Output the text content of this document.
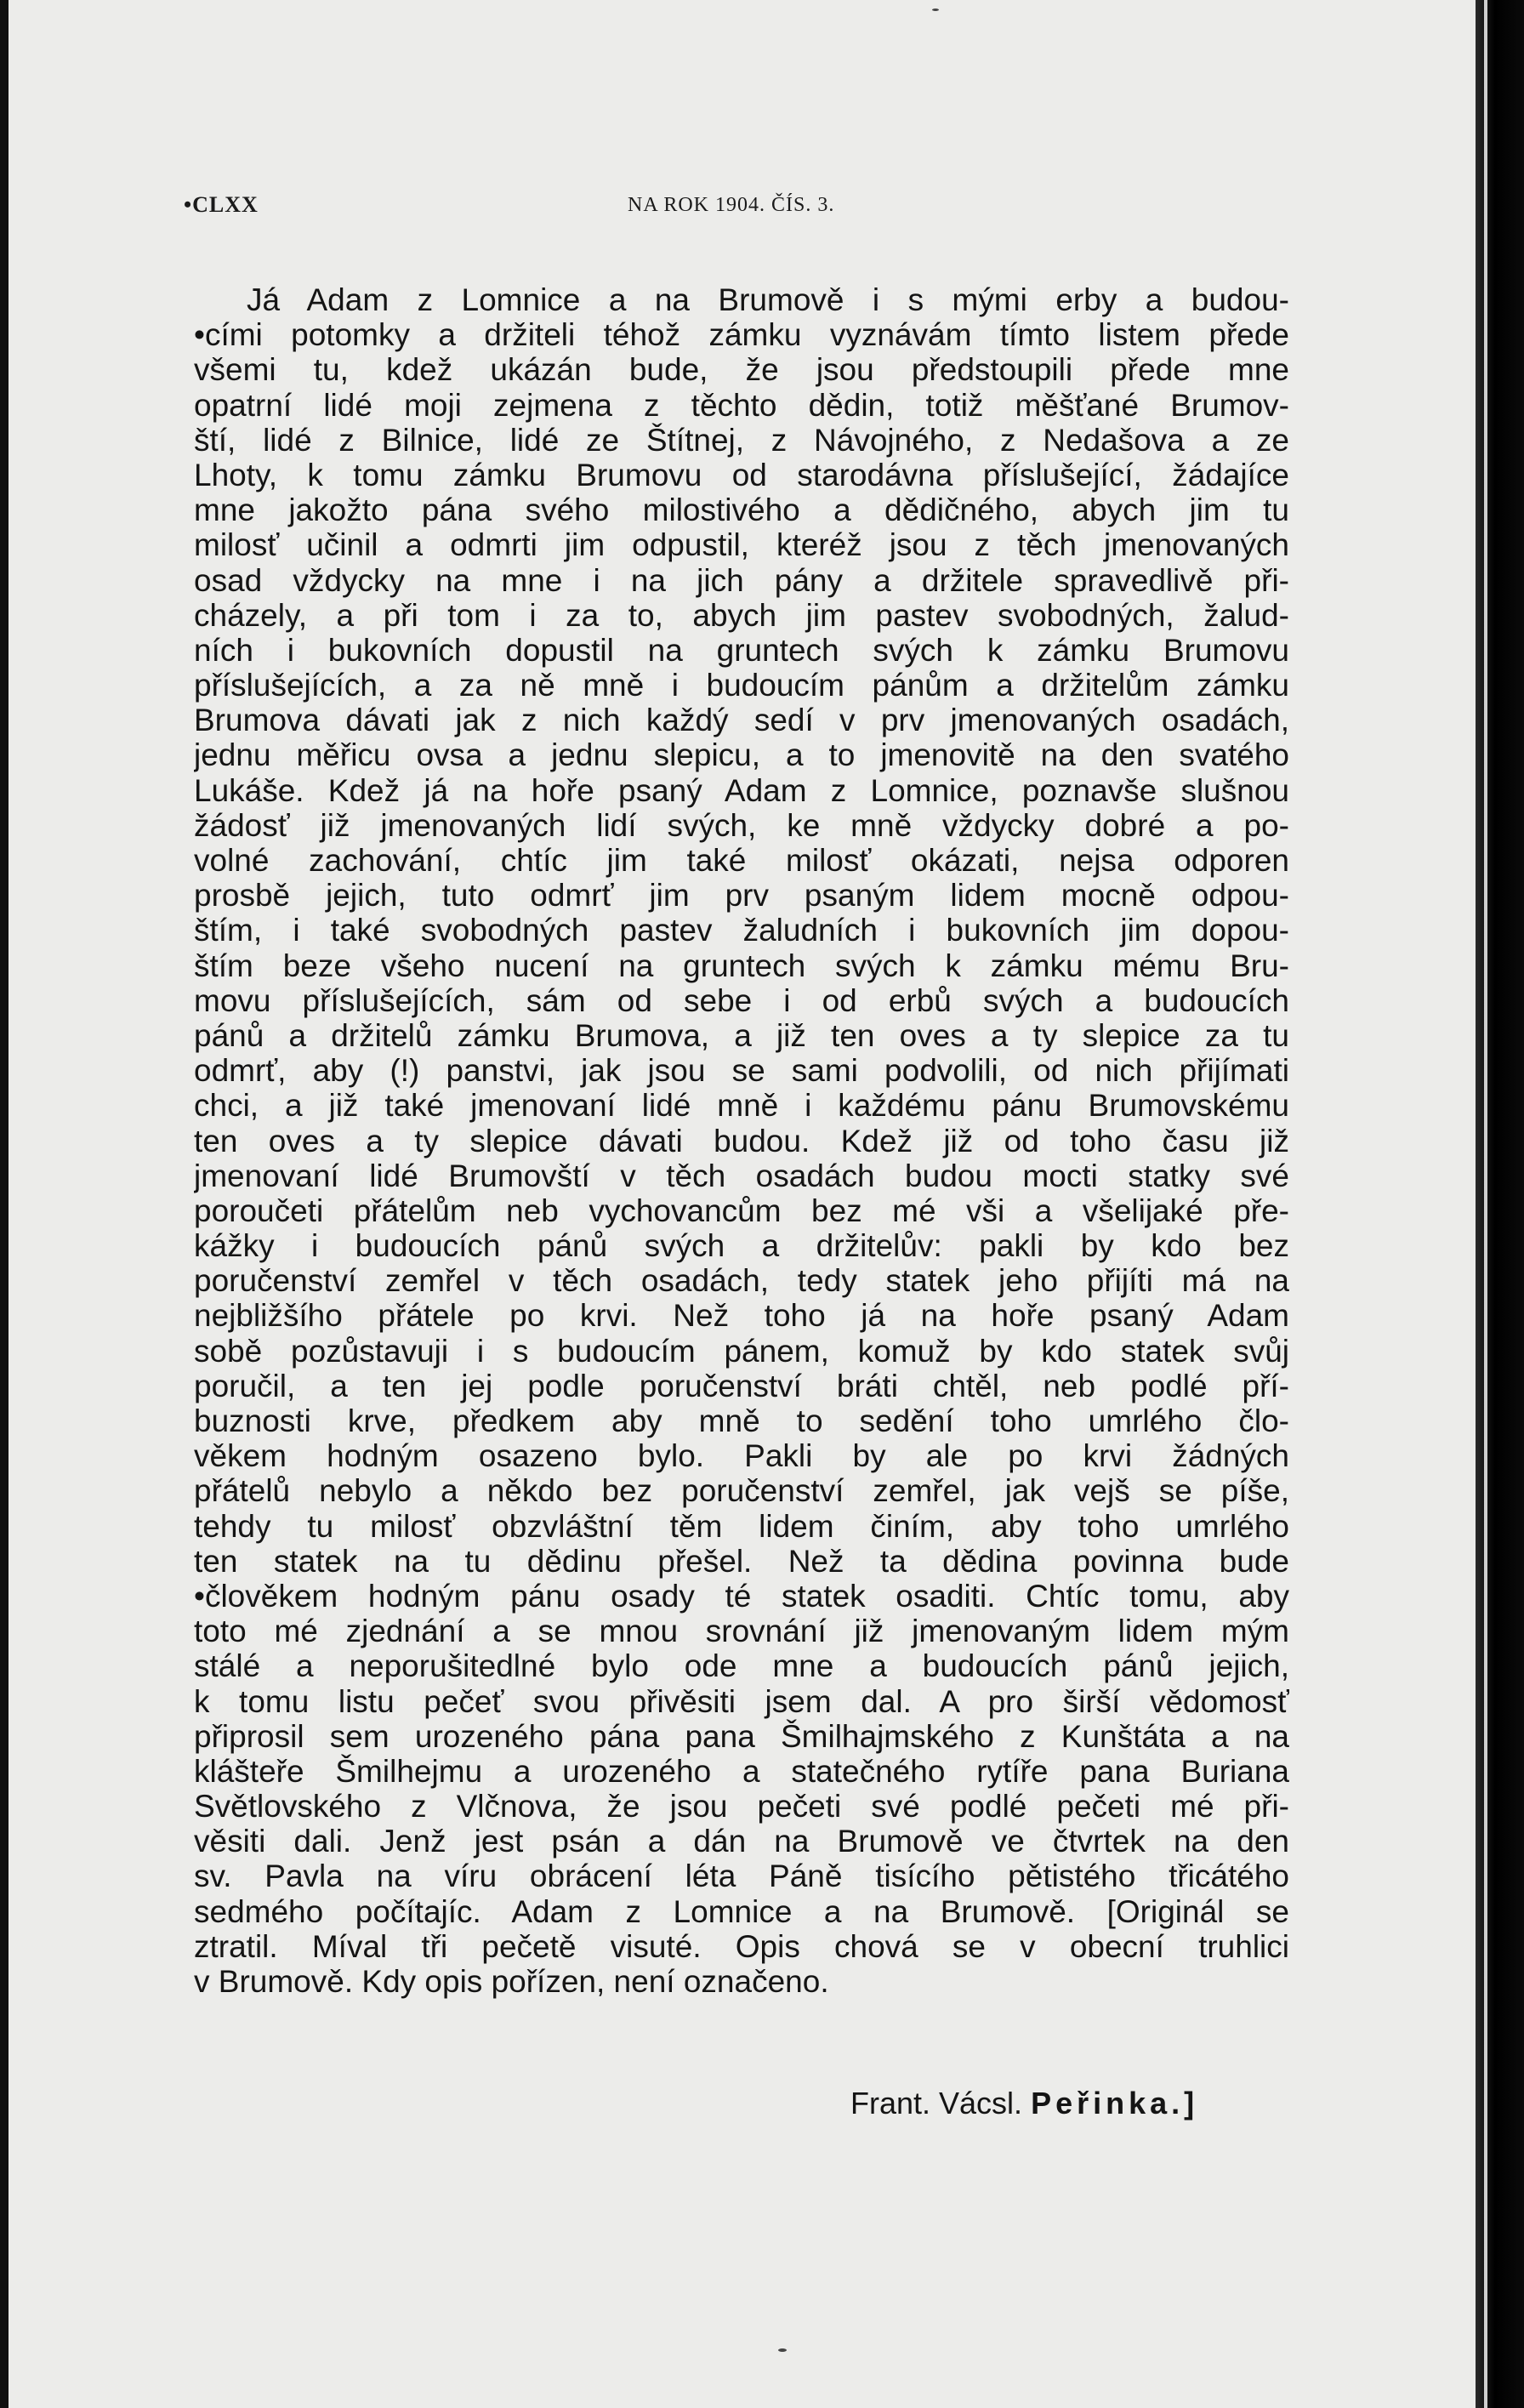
•CLXX	NA ROK 1904. ČÍS. 3.
Já Adam z Lomnice a na Brumově i s mými erby a budou-
•cími potomky a držiteli téhož zámku vyznávám tímto listem přede
všemi tu, kdež ukázán bude, že jsou předstoupili přede mne
opatrní lidé moji zejmena z těchto dědin, totiž měšťané Brumov-
ští, lidé z Bilnice, lidé ze Štítnej, z Návojného, z Nedašova a ze
Lhoty, k tomu zámku Brumovu od starodávna příslušející, žádajíce
mne jakožto pána svého milostivého a dědičného, abych jim tu
milosť učinil a odmrti jim odpustil, kteréž jsou z těch jmenovaných
osad vždycky na mne i na jich pány a držitele spravedlivě při-
cházely, a při tom i za to, abych jim pastev svobodných, žalud-
ních i bukovních dopustil na gruntech svých k zámku Brumovu
příslušejících, a za ně mně i budoucím pánům a držitelům zámku
Brumova dávati jak z nich každý sedí v prv jmenovaných osadách,
jednu měřicu ovsa a jednu slepicu, a to jmenovitě na den svatého
Lukáše. Kdež já na hoře psaný Adam z Lomnice, poznavše slušnou
žádosť již jmenovaných lidí svých, ke mně vždycky dobré a po-
volné zachování, chtíc jim také milosť okázati, nejsa odporen
prosbě jejich, tuto odmrť jim prv psaným lidem mocně odpou-
štím, i také svobodných pastev žaludních i bukovních jim dopou-
štím beze všeho nucení na gruntech svých k zámku mému Bru-
movu příslušejících, sám od sebe i od erbů svých a budoucích
pánů a držitelů zámku Brumova, a již ten oves a ty slepice za tu
odmrť, aby (!) panstvi, jak jsou se sami podvolili, od nich přijímati
chci, a již také jmenovaní lidé mně i každému pánu Brumovskému
ten oves a ty slepice dávati budou. Kdež již od toho času již
jmenovaní lidé Brumovští v těch osadách budou mocti statky své
poroučeti přátelům neb vychovancům bez mé vši a všelijaké pře-
kážky i budoucích pánů svých a držitelův: pakli by kdo bez
poručenství zemřel v těch osadách, tedy statek jeho přijíti má na
nejbližšího přátele po krvi. Než toho já na hoře psaný Adam
sobě pozůstavuji i s budoucím pánem, komuž by kdo statek svůj
poručil, a ten jej podle poručenství bráti chtěl, neb podlé pří-
buznosti krve, předkem aby mně to sedění toho umrlého člo-
věkem hodným osazeno bylo. Pakli by ale po krvi žádných
přátelů nebylo a někdo bez poručenství zemřel, jak vejš se píše,
tehdy tu milosť obzvláštní těm lidem činím, aby toho umrlého
ten statek na tu dědinu přešel. Než ta dědina povinna bude
•člověkem hodným pánu osady té statek osaditi. Chtíc tomu, aby
toto mé zjednání a se mnou srovnání již jmenovaným lidem mým
stálé a neporušitedlné bylo ode mne a budoucích pánů jejich,
k tomu listu pečeť svou přivěsiti jsem dal. A pro širší vědomosť
připrosil sem urozeného pána pana Šmilhajmského z Kunštáta a na
klášteře Šmilhejmu a urozeného a statečného rytíře pana Buriana
Světlovského z Vlčnova, že jsou pečeti své podlé pečeti mé při-
věsiti dali. Jenž jest psán a dán na Brumově ve čtvrtek na den
sv. Pavla na víru obrácení léta Páně tisícího pětistého třicátého
sedmého počítajíc. Adam z Lomnice a na Brumově. [Originál se
ztratil. Míval tři pečetě visuté. Opis chová se v obecní truhlici
v Brumově. Kdy opis pořízen, není označeno.
Frant. Vácsl. Peřinka.]
